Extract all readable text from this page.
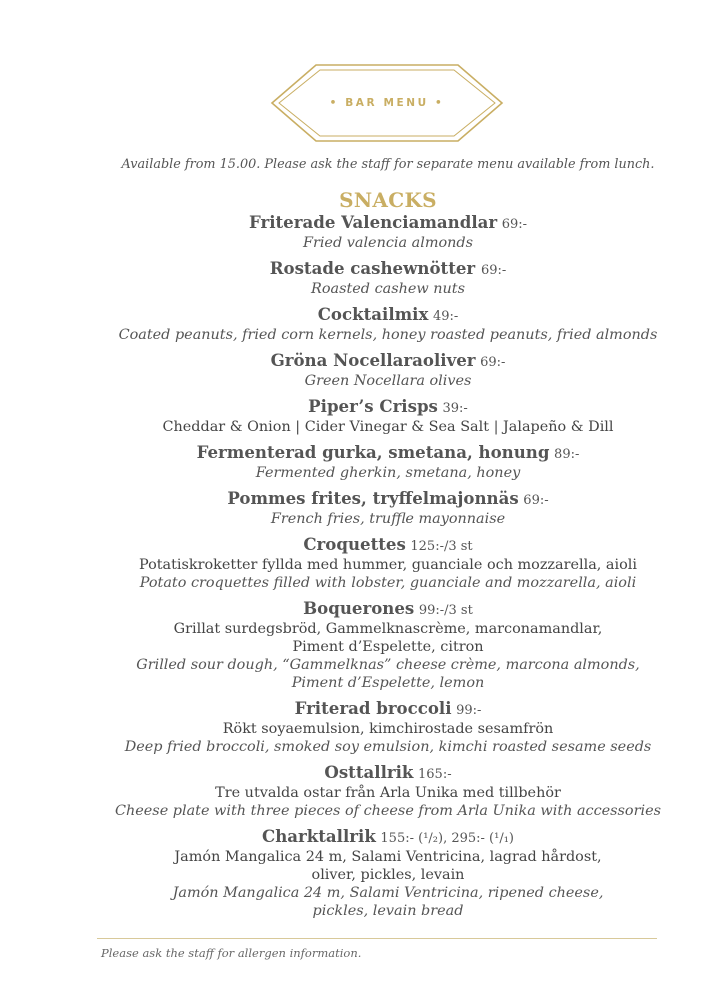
• BAR MENU •
Available from 15.00. Please ask the staff for separate menu available from lunch.
SNACKS
Friterade Valenciamandlar 69:-
Fried valencia almonds
Rostade cashewnötter 69:-
Roasted cashew nuts
Cocktailmix 49:-
Coated peanuts, fried corn kernels, honey roasted peanuts, fried almonds
Gröna Nocellaraoliver 69:-
Green Nocellara olives
Piper’s Crisps 39:-
Cheddar & Onion | Cider Vinegar & Sea Salt | Jalapeño & Dill
Fermenterad gurka, smetana, honung 89:-
Fermented gherkin, smetana, honey
Pommes frites, tryffelmajonnäs 69:-
French fries, truffle mayonnaise
Croquettes 125:-/3 st
Potatiskroketter fyllda med hummer, guanciale och mozzarella, aioli
Potato croquettes filled with lobster, guanciale and mozzarella, aioli
Boquerones 99:-/3 st
Grillat surdegsbröd, Gammelknascrème, marconamandlar,
Piment d’Espelette, citron
Grilled sour dough, “Gammelknas” cheese crème, marcona almonds,
Piment d’Espelette, lemon
Friterad broccoli 99:-
Rökt soyaemulsion, kimchirostade sesamfrön
Deep fried broccoli, smoked soy emulsion, kimchi roasted sesame seeds
Osttallrik 165:-
Tre utvalda ostar från Arla Unika med tillbehör
Cheese plate with three pieces of cheese from Arla Unika with accessories
Charktallrik 155:- (¹/₂), 295:- (¹/₁)
Jamón Mangalica 24 m, Salami Ventricina, lagrad hårdost,
oliver, pickles, levain
Jamón Mangalica 24 m, Salami Ventricina, ripened cheese,
pickles, levain bread
Please ask the staff for allergen information.
